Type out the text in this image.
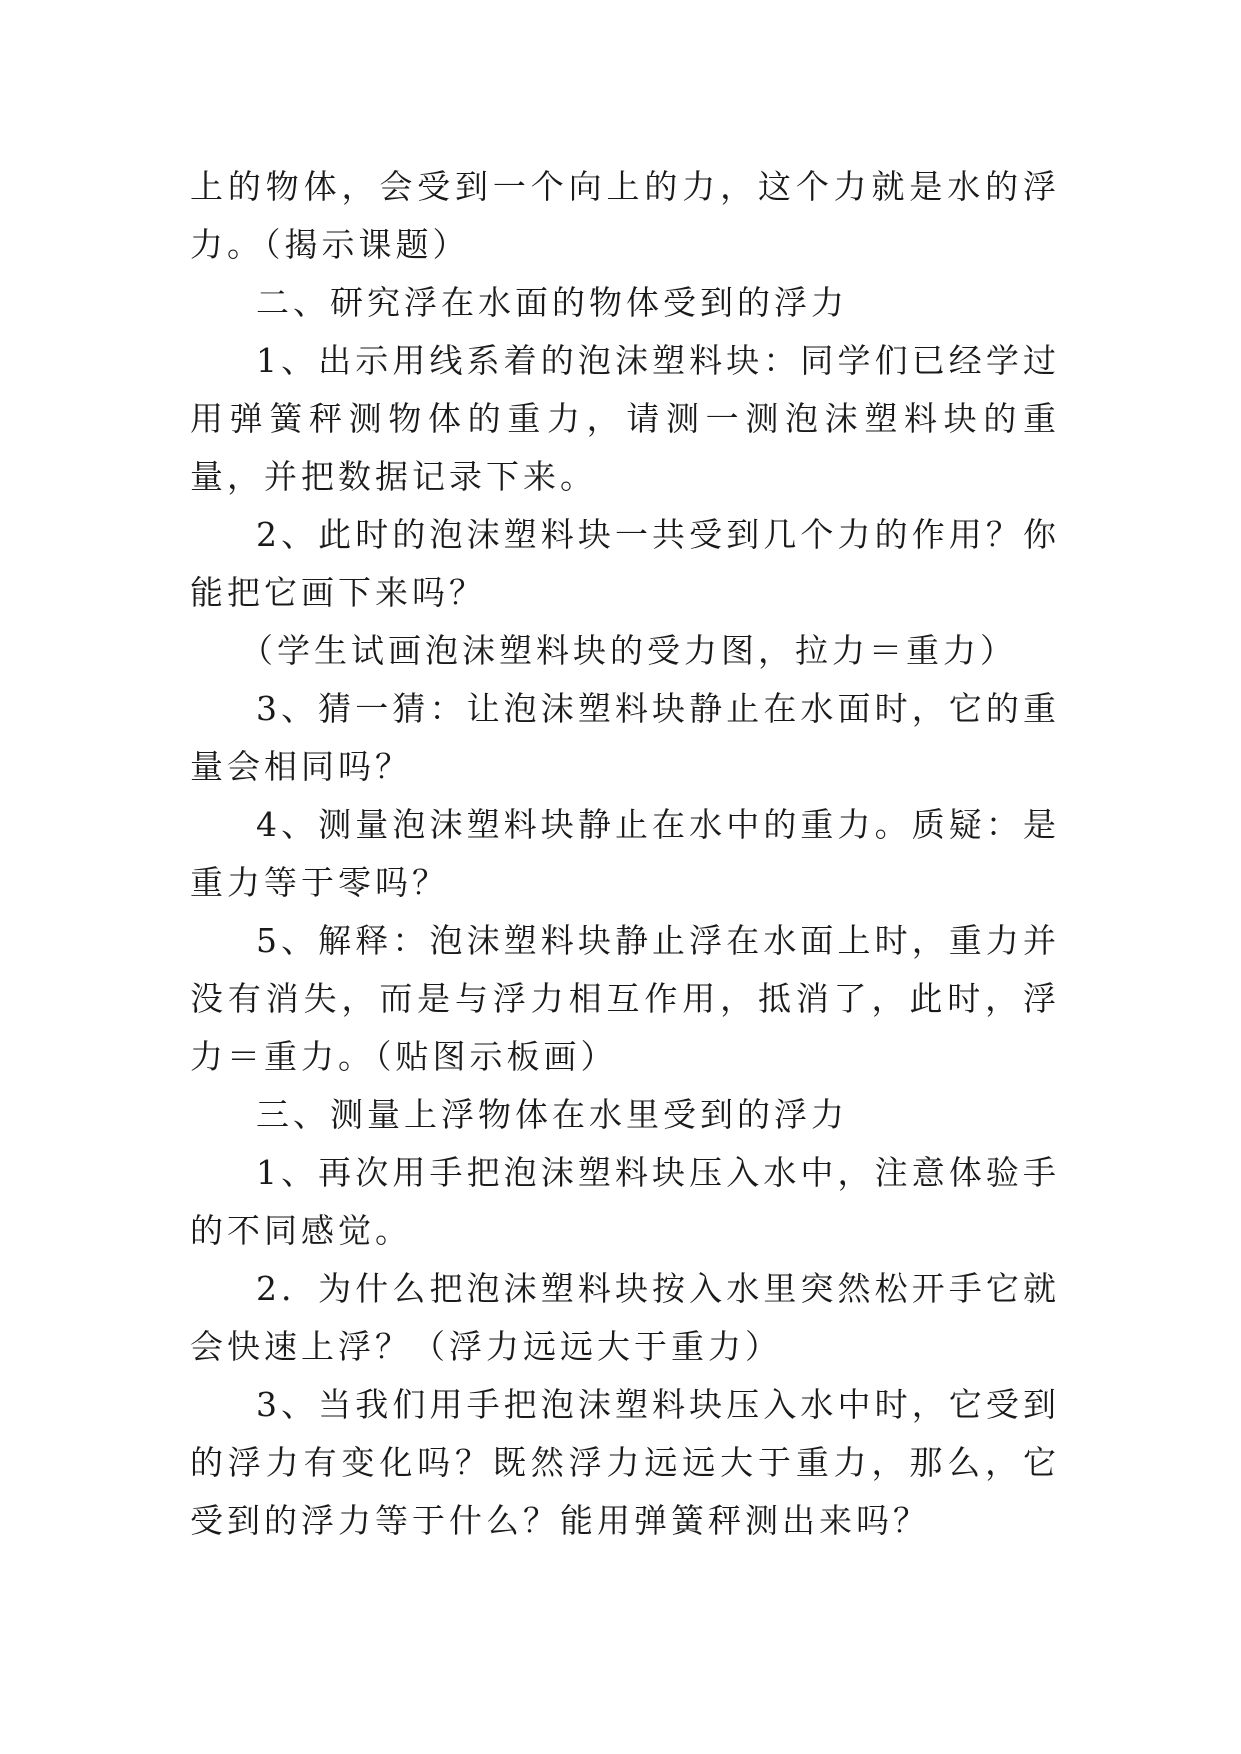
上的物体，会受到一个向上的力，这个力就是水的浮力。（揭示课题）

二、研究浮在水面的物体受到的浮力

1、出示用线系着的泡沫塑料块：同学们已经学过用弹簧秤测物体的重力，请测一测泡沫塑料块的重量，并把数据记录下来。

2、此时的泡沫塑料块一共受到几个力的作用？你能把它画下来吗？

（学生试画泡沫塑料块的受力图，拉力＝重力）

3、猜一猜：让泡沫塑料块静止在水面时，它的重量会相同吗？

4、测量泡沫塑料块静止在水中的重力。质疑：是重力等于零吗？

5、解释：泡沫塑料块静止浮在水面上时，重力并没有消失，而是与浮力相互作用，抵消了，此时，浮力＝重力。（贴图示板画）

三、测量上浮物体在水里受到的浮力

1、再次用手把泡沫塑料块压入水中，注意体验手的不同感觉。

2．为什么把泡沫塑料块按入水里突然松开手它就会快速上浮？（浮力远远大于重力）

3、当我们用手把泡沫塑料块压入水中时，它受到的浮力有变化吗？既然浮力远远大于重力，那么，它受到的浮力等于什么？能用弹簧秤测出来吗？
